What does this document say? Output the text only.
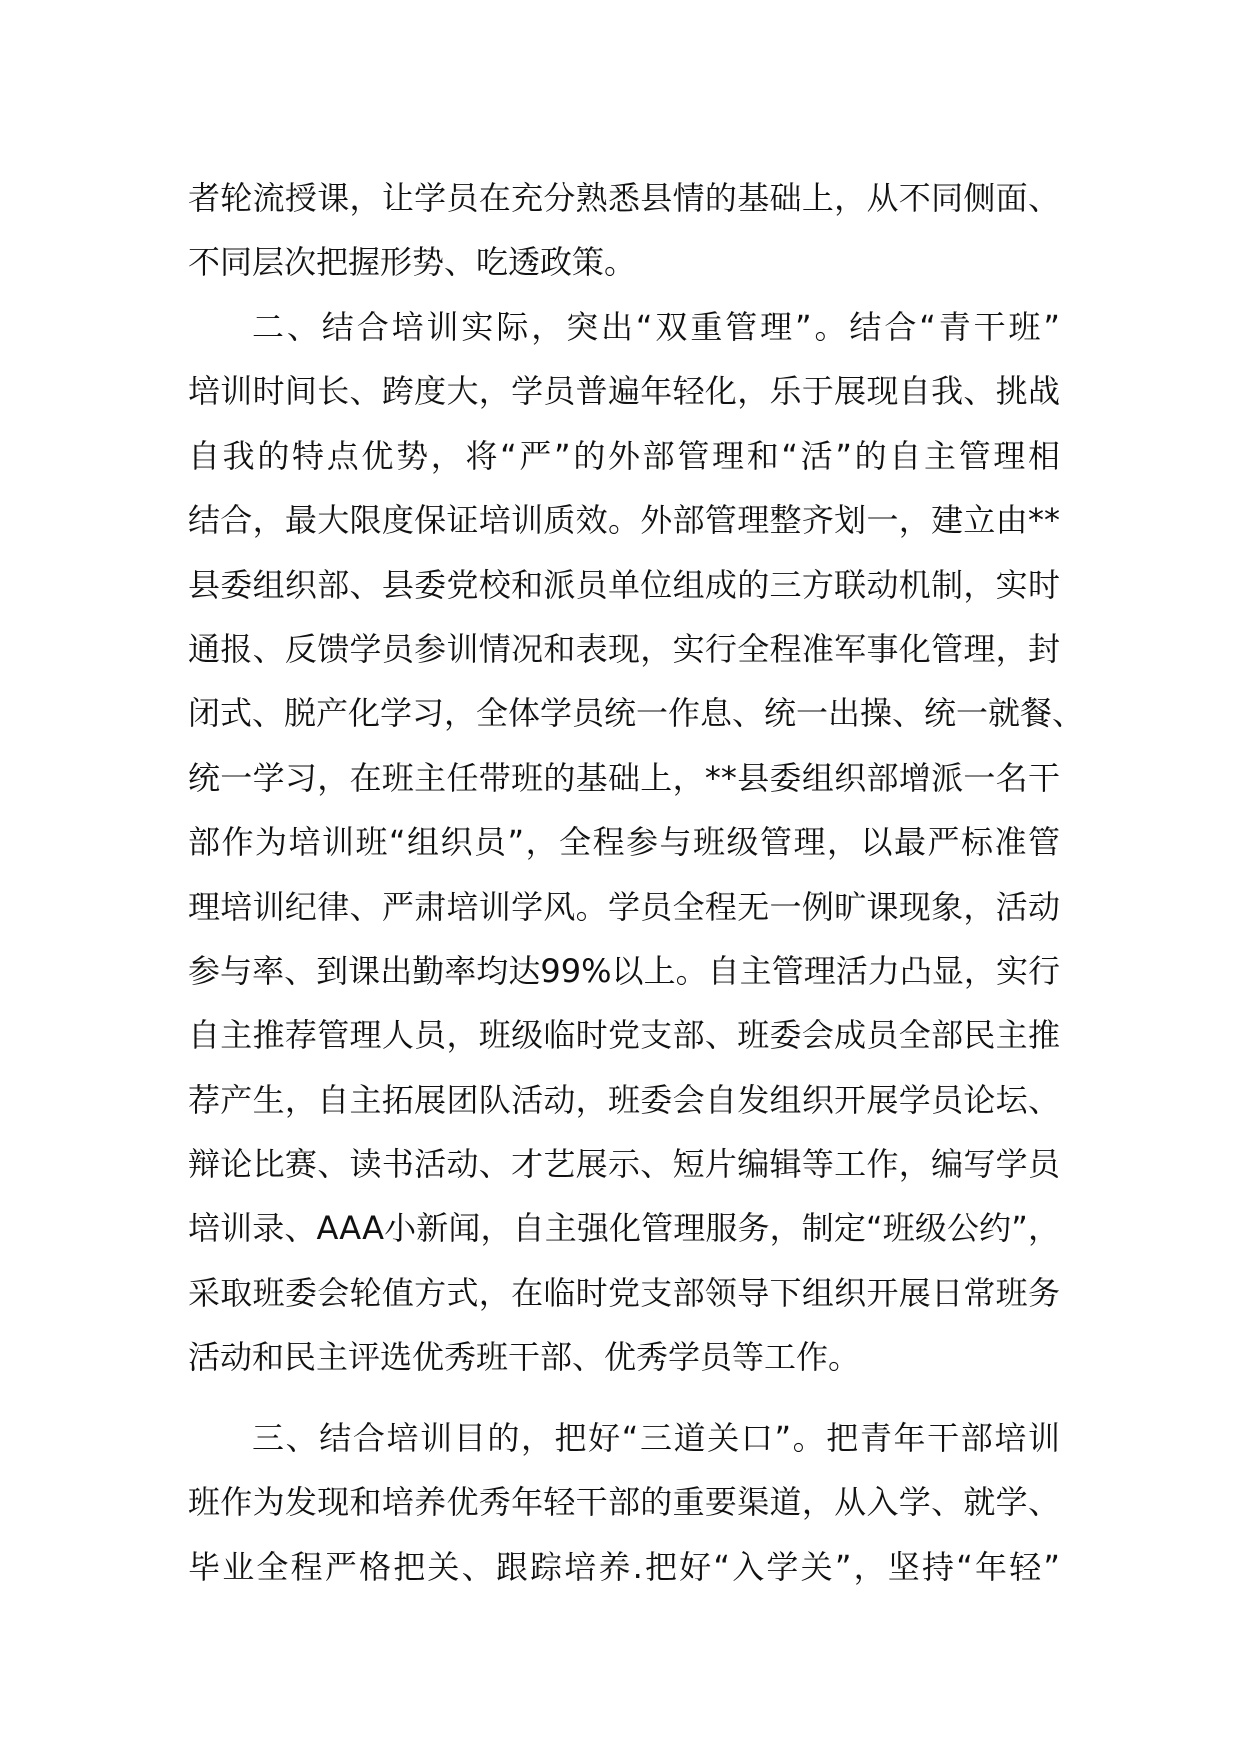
者轮流授课，让学员在充分熟悉县情的基础上，从不同侧面、
不同层次把握形势、吃透政策。
二、结合培训实际，突出“双重管理”。结合“青干班”
培训时间长、跨度大，学员普遍年轻化，乐于展现自我、挑战
自我的特点优势，将“严”的外部管理和“活”的自主管理相
结合，最大限度保证培训质效。外部管理整齐划一，建立由**
县委组织部、县委党校和派员单位组成的三方联动机制，实时
通报、反馈学员参训情况和表现，实行全程准军事化管理，封
闭式、脱产化学习，全体学员统一作息、统一出操、统一就餐、
统一学习，在班主任带班的基础上，**县委组织部增派一名干
部作为培训班“组织员”，全程参与班级管理，以最严标准管
理培训纪律、严肃培训学风。学员全程无一例旷课现象，活动
参与率、到课出勤率均达99%以上。自主管理活力凸显，实行
自主推荐管理人员，班级临时党支部、班委会成员全部民主推
荐产生，自主拓展团队活动，班委会自发组织开展学员论坛、
辩论比赛、读书活动、才艺展示、短片编辑等工作，编写学员
培训录、AAA小新闻，自主强化管理服务，制定“班级公约”，
采取班委会轮值方式，在临时党支部领导下组织开展日常班务
活动和民主评选优秀班干部、优秀学员等工作。
三、结合培训目的，把好“三道关口”。把青年干部培训
班作为发现和培养优秀年轻干部的重要渠道，从入学、就学、
毕业全程严格把关、跟踪培养.把好“入学关”，坚持“年轻”
